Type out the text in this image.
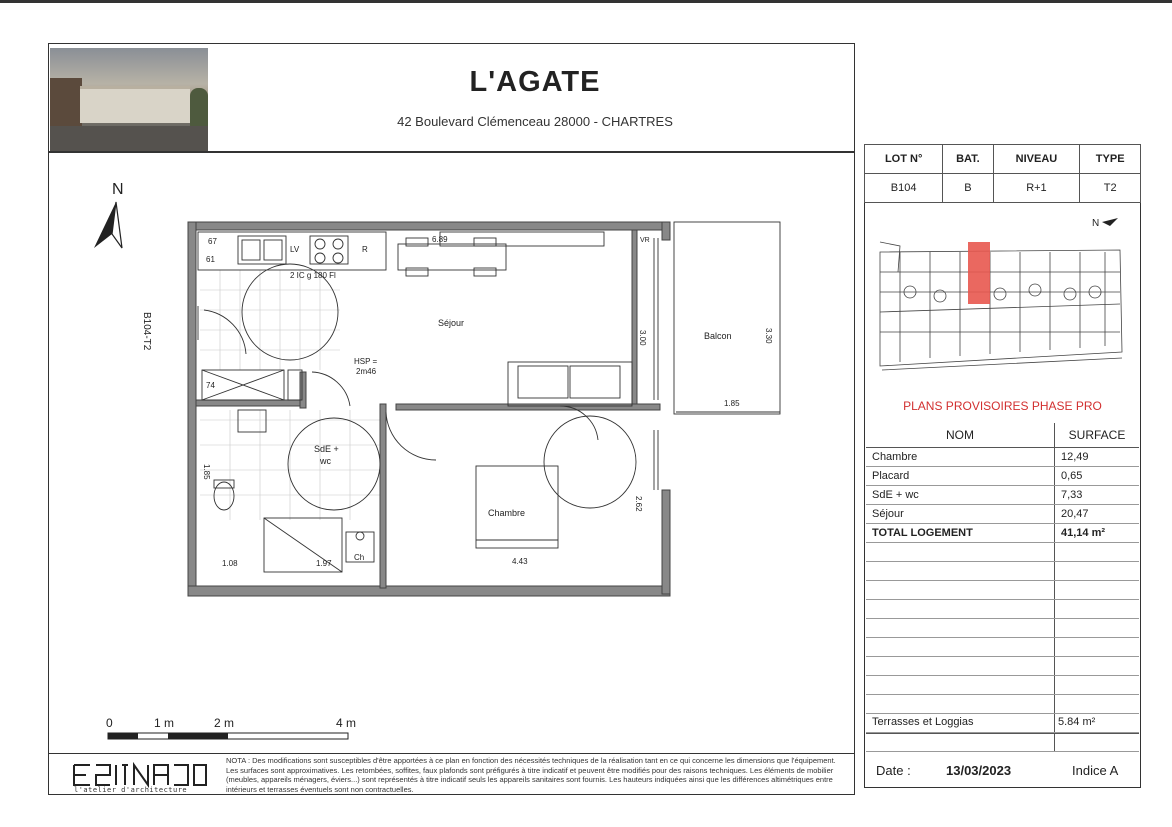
L'AGATE
42 Boulevard Clémenceau 28000 - CHARTRES
N
B104-T2	Séjour
Chambre
SdE +
wc
Balcon
HSP =
2m46
LV	R
Ch
VR
2 IC g 180 Fl
6.89
1.85
1.08	1.97	4.43
67
61
74
3.00	3.30
1.85
2.62
0	1 m	2 m	4 m
l'atelier d'architecture
NOTA : Des modifications sont susceptibles d'être apportées à ce plan en fonction des nécessités techniques de la réalisation tant en ce qui concerne les dimensions que l'équipement. Les surfaces sont approximatives. Les retombées, soffites, faux plafonds sont préfigurés à titre indicatif et peuvent être modifiés pour des raisons techniques. Les éléments de mobilier (meubles, appareils ménagers, éviers...) sont représentés à titre indicatif seuls les appareils sanitaires sont fournis. Les hauteurs indiquées ainsi que les différences altimétriques entre intérieurs et terrasses éventuels sont non contractuelles.
LOT N°	BAT.	NIVEAU	TYPE
B104	B	R+1	T2
N
PLANS PROVISOIRES PHASE PRO
NOM	SURFACE
Chambre	12,49
Placard	0,65
SdE + wc	7,33
Séjour	20,47
TOTAL LOGEMENT	41,14 m²

Terrasses et Loggias	5.84 m²
Date :	13/03/2023	Indice A
